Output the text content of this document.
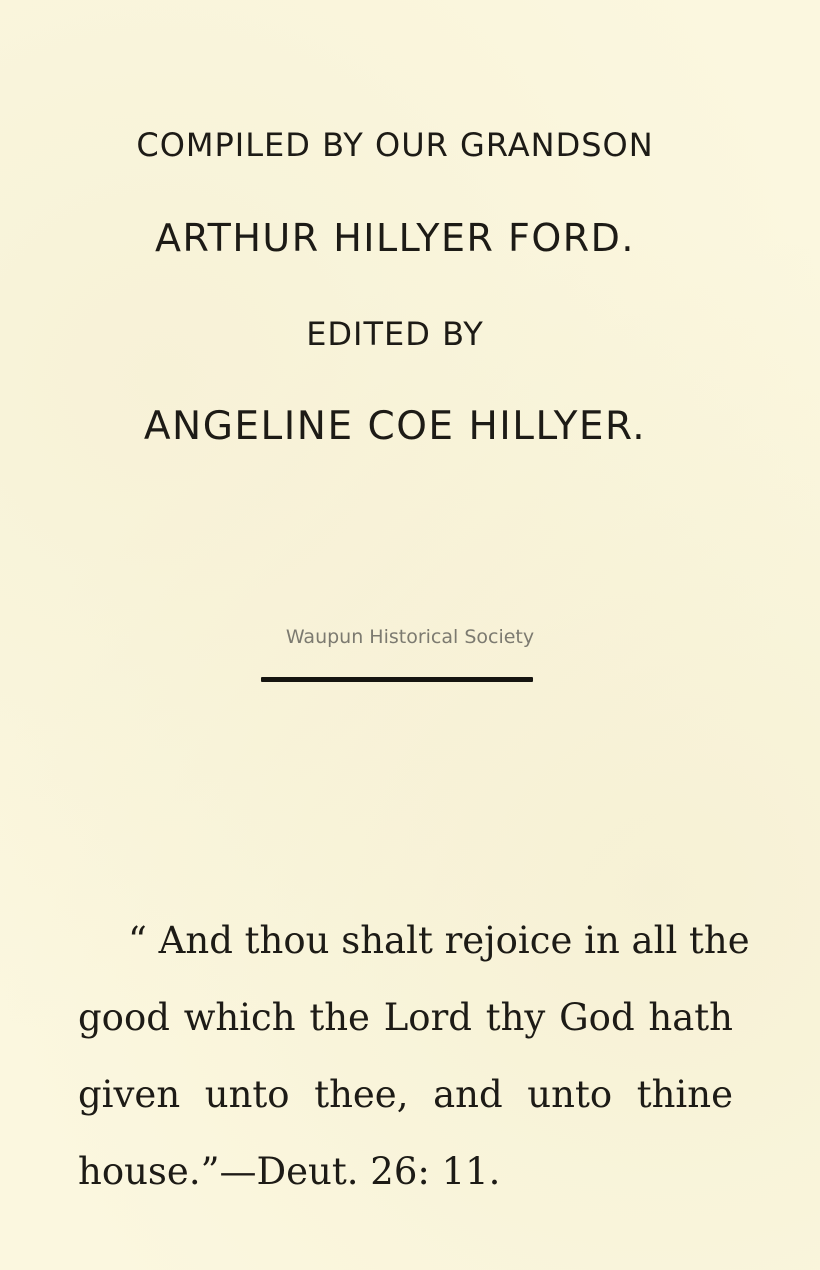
COMPILED BY OUR GRANDSON
ARTHUR HILLYER FORD.
EDITED BY
ANGELINE COE HILLYER.
Waupun Historical Society
“ And thou shalt rejoice in all the
good which the Lord thy God hath
given unto thee, and unto thine
house.”—Deut. 26: 11.
